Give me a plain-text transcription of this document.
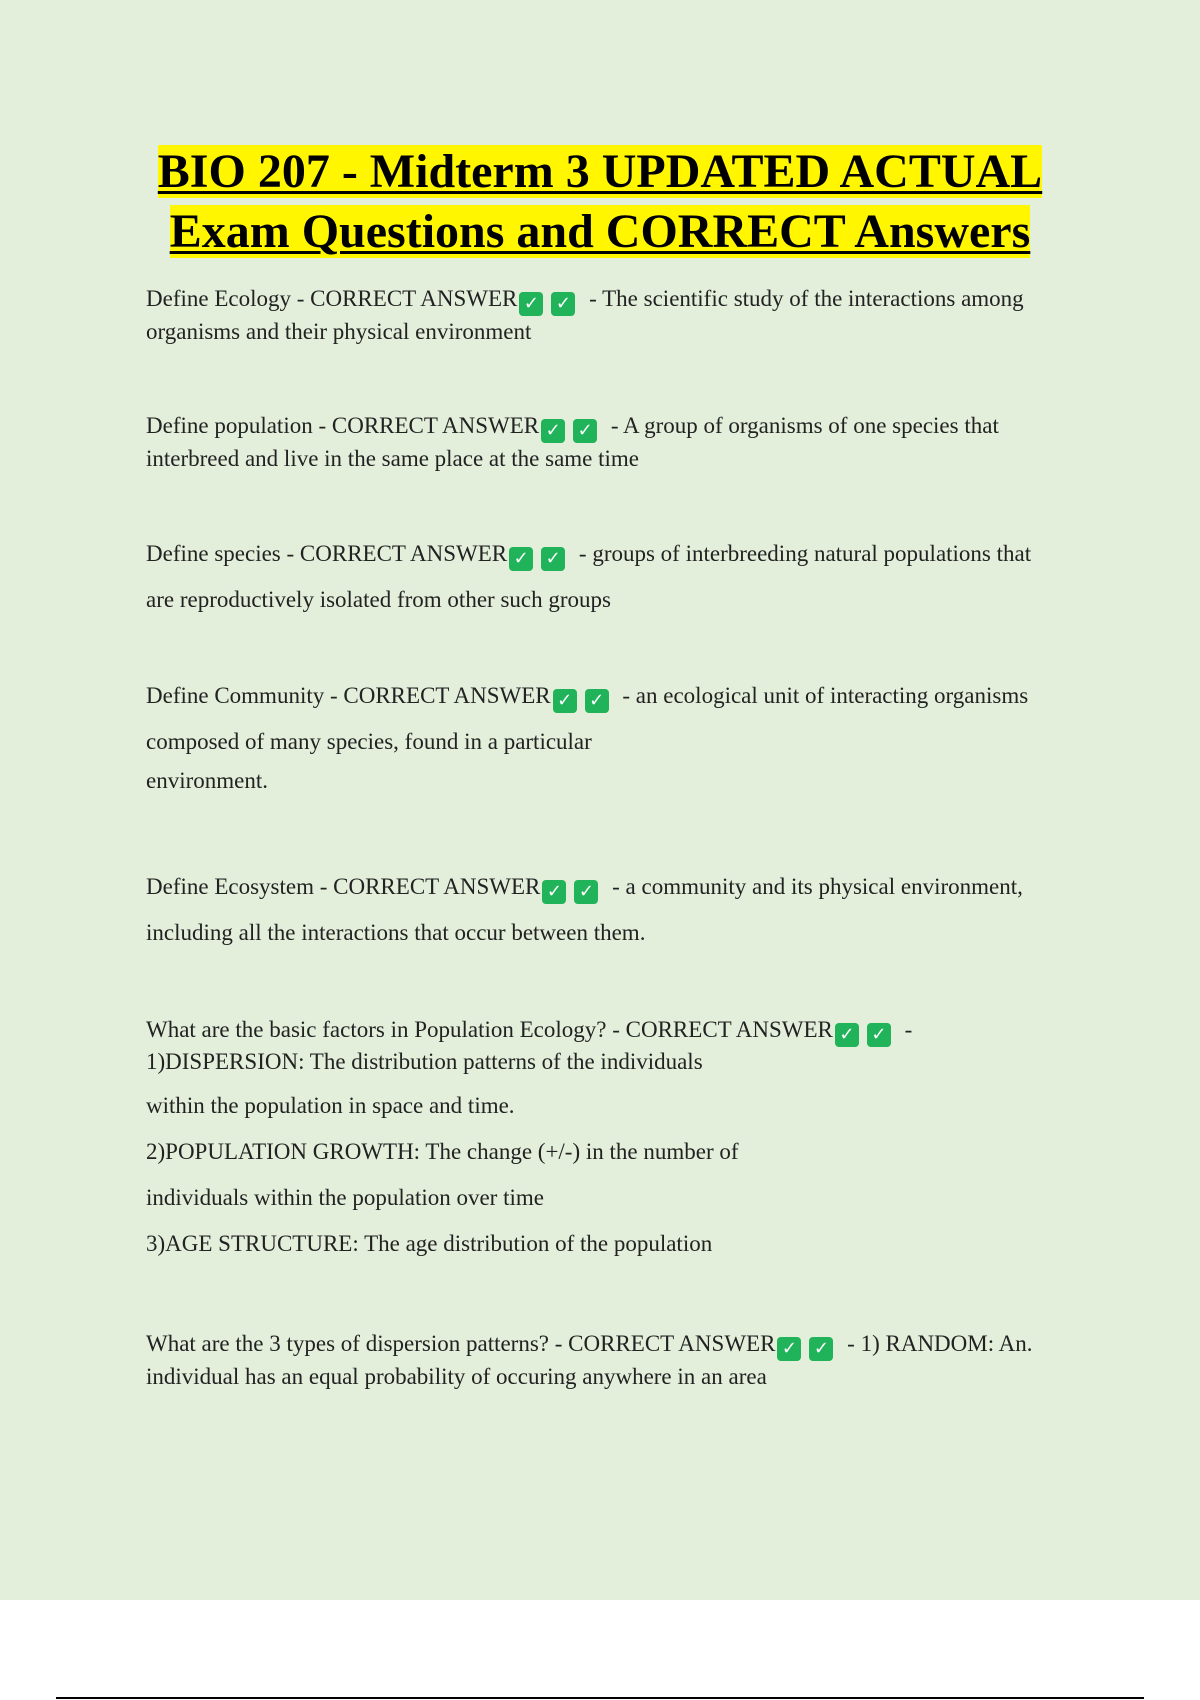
BIO 207 - Midterm 3 UPDATED ACTUAL
Exam Questions and CORRECT Answers

Define Ecology - CORRECT ANSWER ✓ ✓ - The scientific study of the interactions among

organisms and their physical environment

Define population - CORRECT ANSWER ✓ ✓ - A group of organisms of one species that

interbreed and live in the same place at the same time

Define species - CORRECT ANSWER ✓ ✓ - groups of interbreeding natural populations that

are reproductively isolated from other such groups

Define Community - CORRECT ANSWER ✓ ✓ - an ecological unit of interacting organisms

composed of many species, found in a particular

environment.

Define Ecosystem - CORRECT ANSWER ✓ ✓ - a community and its physical environment,

including all the interactions that occur between them.

What are the basic factors in Population Ecology? - CORRECT ANSWER ✓ ✓ -

1)DISPERSION: The distribution patterns of the individuals

within the population in space and time.

2)POPULATION GROWTH: The change (+/-) in the number of

individuals within the population over time

3)AGE STRUCTURE: The age distribution of the population

What are the 3 types of dispersion patterns? - CORRECT ANSWER ✓ ✓ - 1) RANDOM: An.

individual has an equal probability of occuring anywhere in an area
